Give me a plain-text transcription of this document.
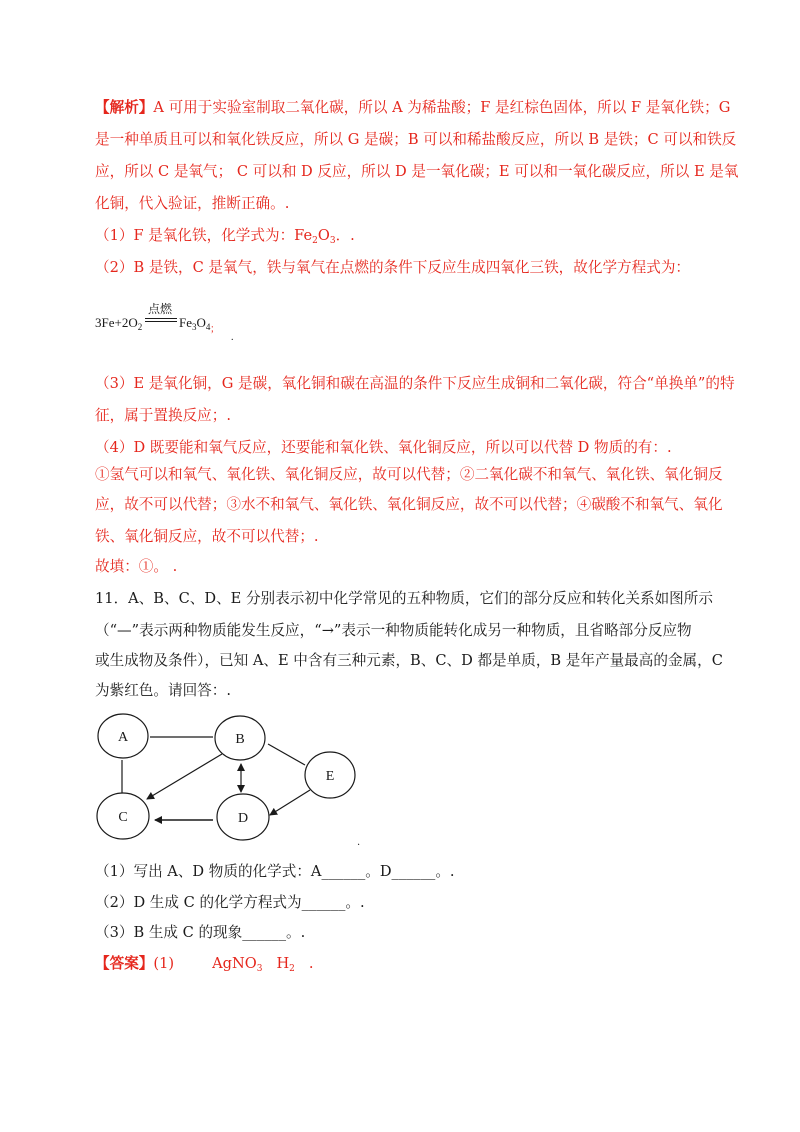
【解析】A 可用于实验室制取二氧化碳，所以 A 为稀盐酸；F 是红棕色固体，所以 F 是氧化铁；G
是一种单质且可以和氧化铁反应，所以 G 是碳；B 可以和稀盐酸反应，所以 B 是铁；C 可以和铁反
应，所以 C 是氧气； C 可以和 D 反应，所以 D 是一氧化碳；E 可以和一氧化碳反应，所以 E 是氧
化铜，代入验证，推断正确。.
（1）F 是氧化铁，化学式为：$Fe_2O_3$．.
（2）B 是铁，C 是氧气，铁与氧气在点燃的条件下反应生成四氧化三铁，故化学方程式为：
$3Fe+2O_2$
点燃
$Fe_3O_4$ ；
.
（3）E 是氧化铜，G 是碳，氧化铜和碳在高温的条件下反应生成铜和二氧化碳，符合“单换单”的特
征，属于置换反应；.
（4）D 既要能和氧气反应，还要能和氧化铁、氧化铜反应，所以可以代替 D 物质的有：.
①氢气可以和氧气、氧化铁、氧化铜反应，故可以代替；②二氧化碳不和氧气、氧化铁、氧化铜反
应，故不可以代替；③水不和氧气、氧化铁、氧化铜反应，故不可以代替；④碳酸不和氧气、氧化
铁、氧化铜反应，故不可以代替；.
故填：①。 .
11．A、B、C、D、E 分别表示初中化学常见的五种物质，它们的部分反应和转化关系如图所示
（“—”表示两种物质能发生反应，“→”表示一种物质能转化成另一种物质，且省略部分反应物
或生成物及条件），已知 A、E 中含有三种元素，B、C、D 都是单质，B 是年产量最高的金属，C
为紫红色。请回答：.
A	B
C	D
E
.
（1）写出 A、D 物质的化学式：A______。D______。.
（2）D 生成 C 的化学方程式为______。.
（3）B 生成 C 的现象______。.
【答案】(1)	AgNO$_3$ $H_2$ .
